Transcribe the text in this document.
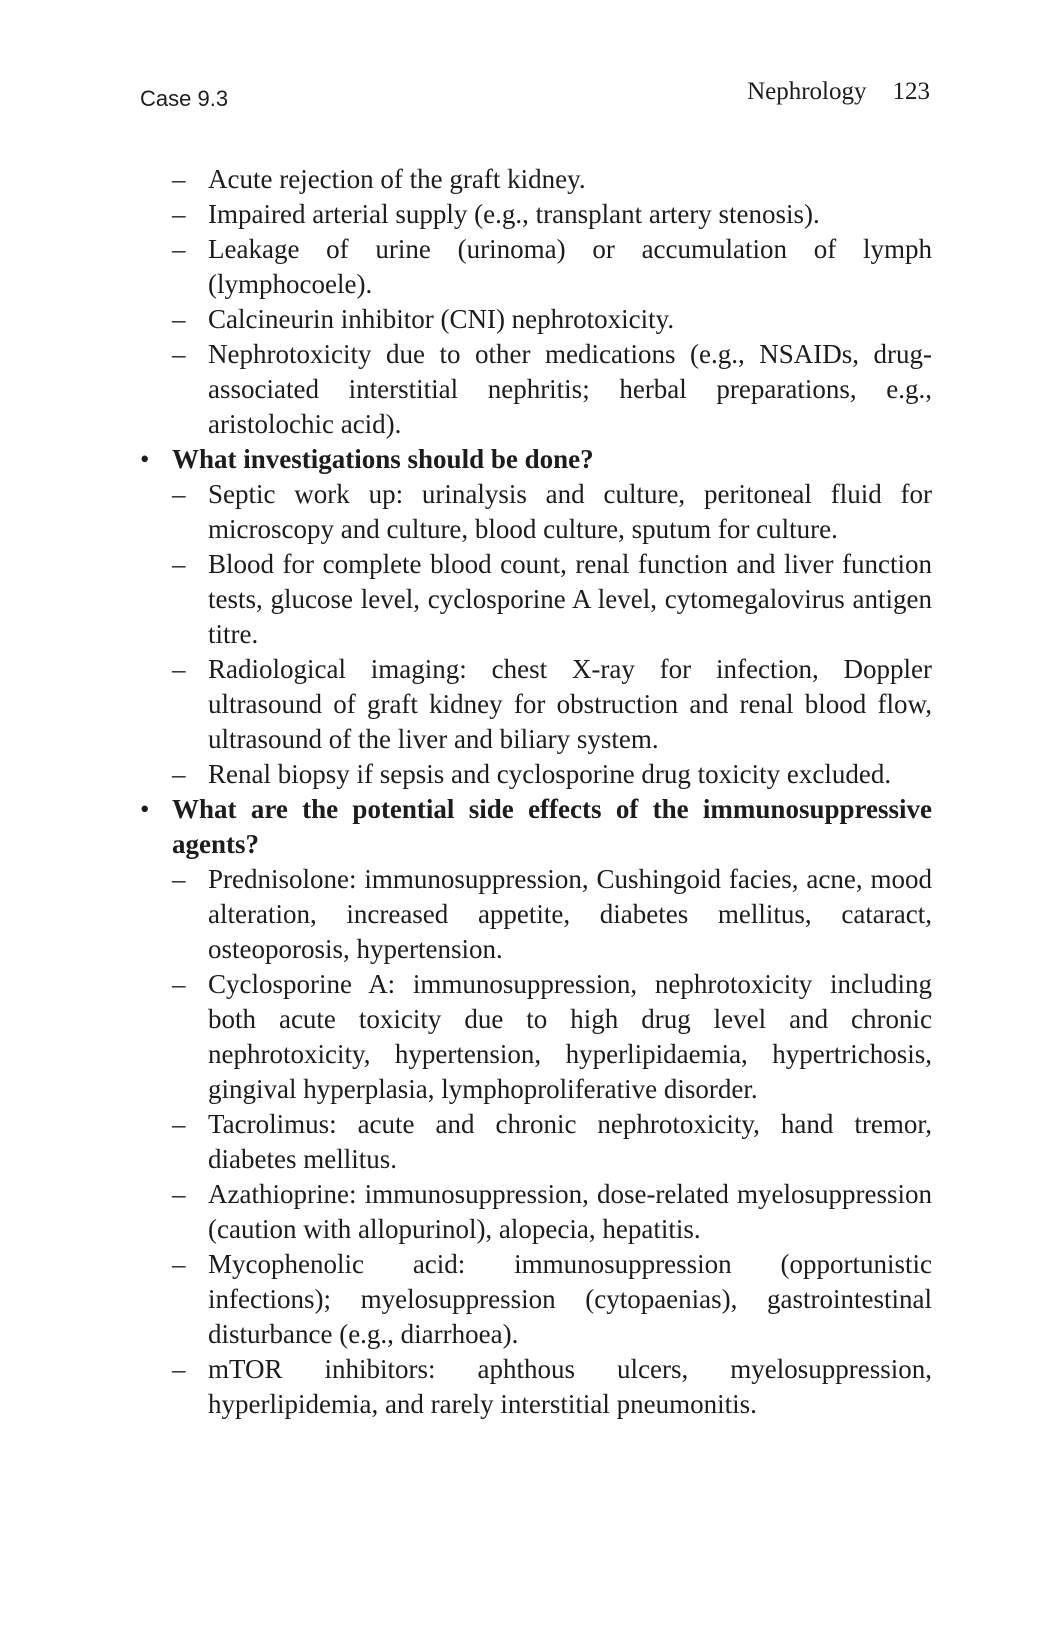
Case 9.3	Nephrology 123
– Acute rejection of the graft kidney.
– Impaired arterial supply (e.g., transplant artery stenosis).
– Leakage of urine (urinoma) or accumulation of lymph (lymphocoele).
– Calcineurin inhibitor (CNI) nephrotoxicity.
– Nephrotoxicity due to other medications (e.g., NSAIDs, drug-associated interstitial nephritis; herbal preparations, e.g., aristolochic acid).
• What investigations should be done?
– Septic work up: urinalysis and culture, peritoneal fluid for microscopy and culture, blood culture, sputum for culture.
– Blood for complete blood count, renal function and liver function tests, glucose level, cyclosporine A level, cytomegalovirus antigen titre.
– Radiological imaging: chest X-ray for infection, Doppler ultrasound of graft kidney for obstruction and renal blood flow, ultrasound of the liver and biliary system.
– Renal biopsy if sepsis and cyclosporine drug toxicity excluded.
• What are the potential side effects of the immunosuppressive agents?
– Prednisolone: immunosuppression, Cushingoid facies, acne, mood alteration, increased appetite, diabetes mellitus, cataract, osteoporosis, hypertension.
– Cyclosporine A: immunosuppression, nephrotoxicity including both acute toxicity due to high drug level and chronic nephrotoxicity, hypertension, hyperlipidaemia, hypertrichosis, gingival hyperplasia, lymphoproliferative disorder.
– Tacrolimus: acute and chronic nephrotoxicity, hand tremor, diabetes mellitus.
– Azathioprine: immunosuppression, dose-related myelosuppression (caution with allopurinol), alopecia, hepatitis.
– Mycophenolic acid: immunosuppression (opportunistic infections); myelosuppression (cytopaenias), gastrointestinal disturbance (e.g., diarrhoea).
– mTOR inhibitors: aphthous ulcers, myelosuppression, hyperlipidemia, and rarely interstitial pneumonitis.
